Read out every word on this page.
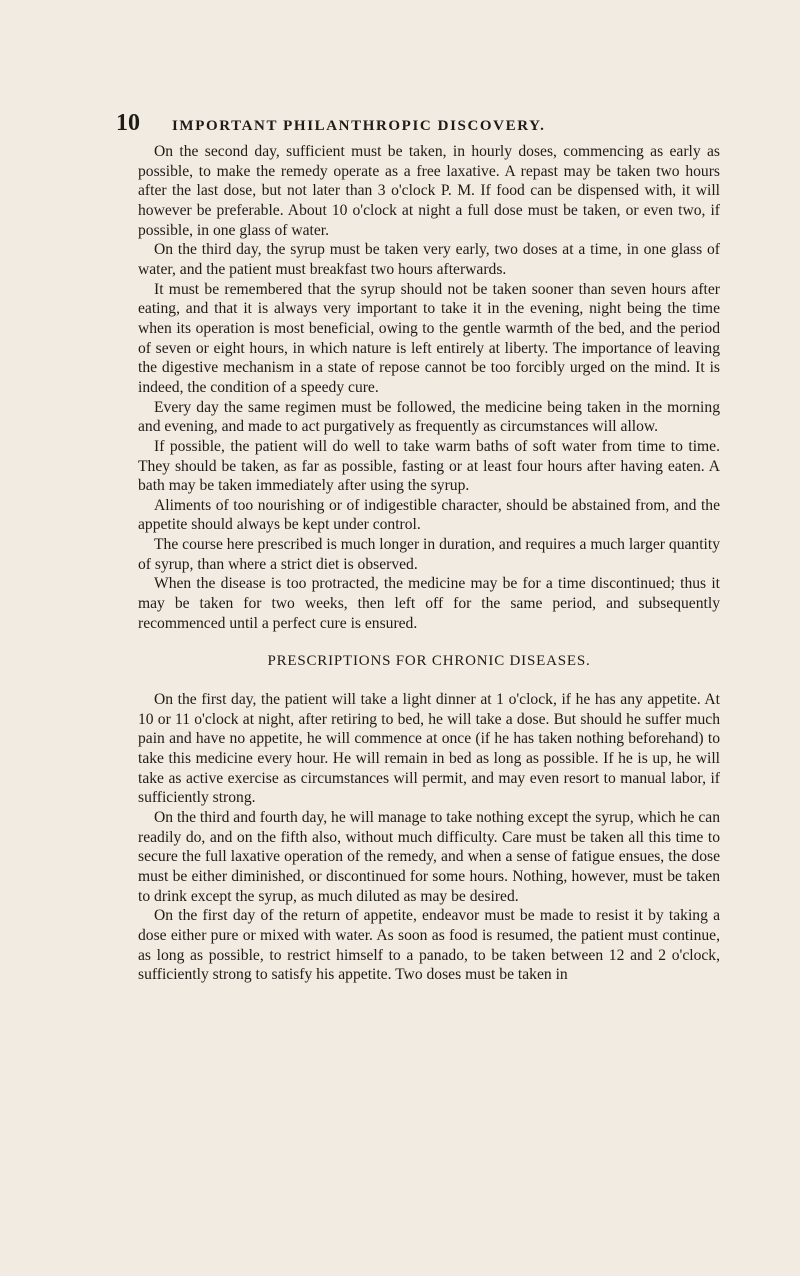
10 IMPORTANT PHILANTHROPIC DISCOVERY.

On the second day, sufficient must be taken, in hourly doses, commencing as early as possible, to make the remedy operate as a free laxative. A repast may be taken two hours after the last dose, but not later than 3 o'clock P. M. If food can be dispensed with, it will however be preferable. About 10 o'clock at night a full dose must be taken, or even two, if possible, in one glass of water.

On the third day, the syrup must be taken very early, two doses at a time, in one glass of water, and the patient must breakfast two hours afterwards.

It must be remembered that the syrup should not be taken sooner than seven hours after eating, and that it is always very important to take it in the evening, night being the time when its operation is most beneficial, owing to the gentle warmth of the bed, and the period of seven or eight hours, in which nature is left entirely at liberty. The importance of leaving the digestive mechanism in a state of repose cannot be too forcibly urged on the mind. It is indeed, the condition of a speedy cure.

Every day the same regimen must be followed, the medicine being taken in the morning and evening, and made to act purgatively as frequently as circumstances will allow.

If possible, the patient will do well to take warm baths of soft water from time to time. They should be taken, as far as possible, fasting or at least four hours after having eaten. A bath may be taken immediately after using the syrup.

Aliments of too nourishing or of indigestible character, should be abstained from, and the appetite should always be kept under control.

The course here prescribed is much longer in duration, and requires a much larger quantity of syrup, than where a strict diet is observed.

When the disease is too protracted, the medicine may be for a time discontinued; thus it may be taken for two weeks, then left off for the same period, and subsequently recommenced until a perfect cure is ensured.

PRESCRIPTIONS FOR CHRONIC DISEASES.

On the first day, the patient will take a light dinner at 1 o'clock, if he has any appetite. At 10 or 11 o'clock at night, after retiring to bed, he will take a dose. But should he suffer much pain and have no appetite, he will commence at once (if he has taken nothing beforehand) to take this medicine every hour. He will remain in bed as long as possible. If he is up, he will take as active exercise as circumstances will permit, and may even resort to manual labor, if sufficiently strong.

On the third and fourth day, he will manage to take nothing except the syrup, which he can readily do, and on the fifth also, without much difficulty. Care must be taken all this time to secure the full laxative operation of the remedy, and when a sense of fatigue ensues, the dose must be either diminished, or discontinued for some hours. Nothing, however, must be taken to drink except the syrup, as much diluted as may be desired.

On the first day of the return of appetite, endeavor must be made to resist it by taking a dose either pure or mixed with water. As soon as food is resumed, the patient must continue, as long as possible, to restrict himself to a panado, to be taken between 12 and 2 o'clock, sufficiently strong to satisfy his appetite. Two doses must be taken in
